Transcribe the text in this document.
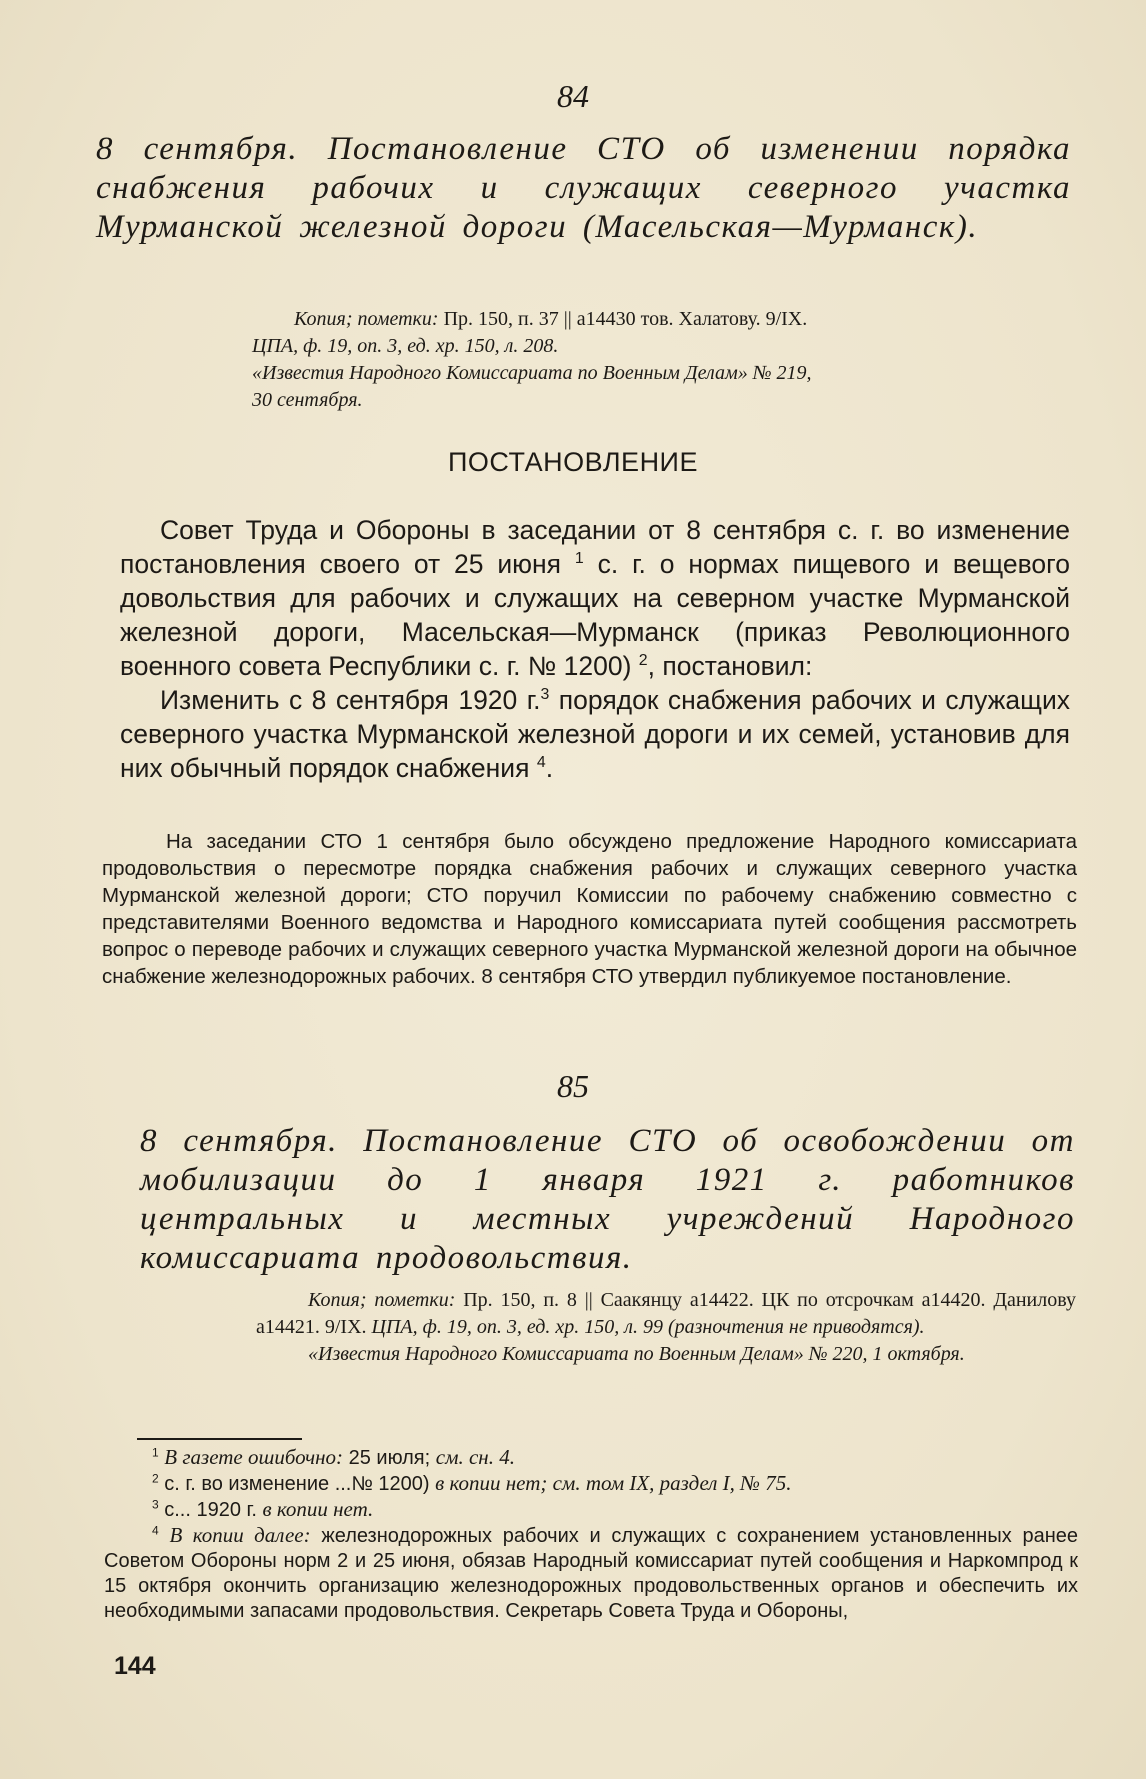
84
8 сентября. Постановление СТО об изменении порядка снабжения рабочих и служащих северного участка Мурманской железной дороги (Масельская—Мурманск).
Копия; пометки: Пр. 150, п. 37 || а14430 тов. Халатову. 9/IX.
ЦПА, ф. 19, оп. 3, ед. хр. 150, л. 208.
«Известия Народного Комиссариата по Военным Делам» № 219,
30 сентября.
ПОСТАНОВЛЕНИЕ

Совет Труда и Обороны в заседании от 8 сентября с. г. во изменение постановления своего от 25 июня $^1$ с. г. о нормах пищевого и вещевого довольствия для рабочих и служащих на северном участке Мурманской железной дороги, Масельская—Мурманск (приказ Революционного военного совета Республики с. г. № 1200) $^2$, постановил:

Изменить с 8 сентября 1920 г.$^3$ порядок снабжения рабочих и служащих северного участка Мурманской железной дороги и их семей, установив для них обычный порядок снабжения $^4$.

На заседании СТО 1 сентября было обсуждено предложение Народного комиссариата продовольствия о пересмотре порядка снабжения рабочих и служащих северного участка Мурманской железной дороги; СТО поручил Комиссии по рабочему снабжению совместно с представителями Военного ведомства и Народного комиссариата путей сообщения рассмотреть вопрос о переводе рабочих и служащих северного участка Мурманской железной дороги на обычное снабжение железнодорожных рабочих. 8 сентября СТО утвердил публикуемое постановление.
85
8 сентября. Постановление СТО об освобождении от мобилизации до 1 января 1921 г. работников центральных и местных учреждений Народного комиссариата продовольствия.
Копия; пометки: Пр. 150, п. 8 || Саакянцу а14422. ЦК по отсрочкам а14420. Данилову а14421. 9/IX. ЦПА, ф. 19, оп. 3, ед. хр. 150, л. 99 (разночтения не приводятся).
«Известия Народного Комиссариата по Военным Делам» № 220, 1 октября.

$^1$ В газете ошибочно: 25 июля; см. сн. 4.

$^2$ с. г. во изменение ...№ 1200) в копии нет; см. том IX, раздел I, № 75.

$^3$ с... 1920 г. в копии нет.

$^4$ В копии далее: железнодорожных рабочих и служащих с сохранением установленных ранее Советом Обороны норм 2 и 25 июня, обязав Народный комиссариат путей сообщения и Наркомпрод к 15 октября окончить организацию железнодорожных продовольственных органов и обеспечить их необходимыми запасами продовольствия. Секретарь Совета Труда и Обороны,

144
